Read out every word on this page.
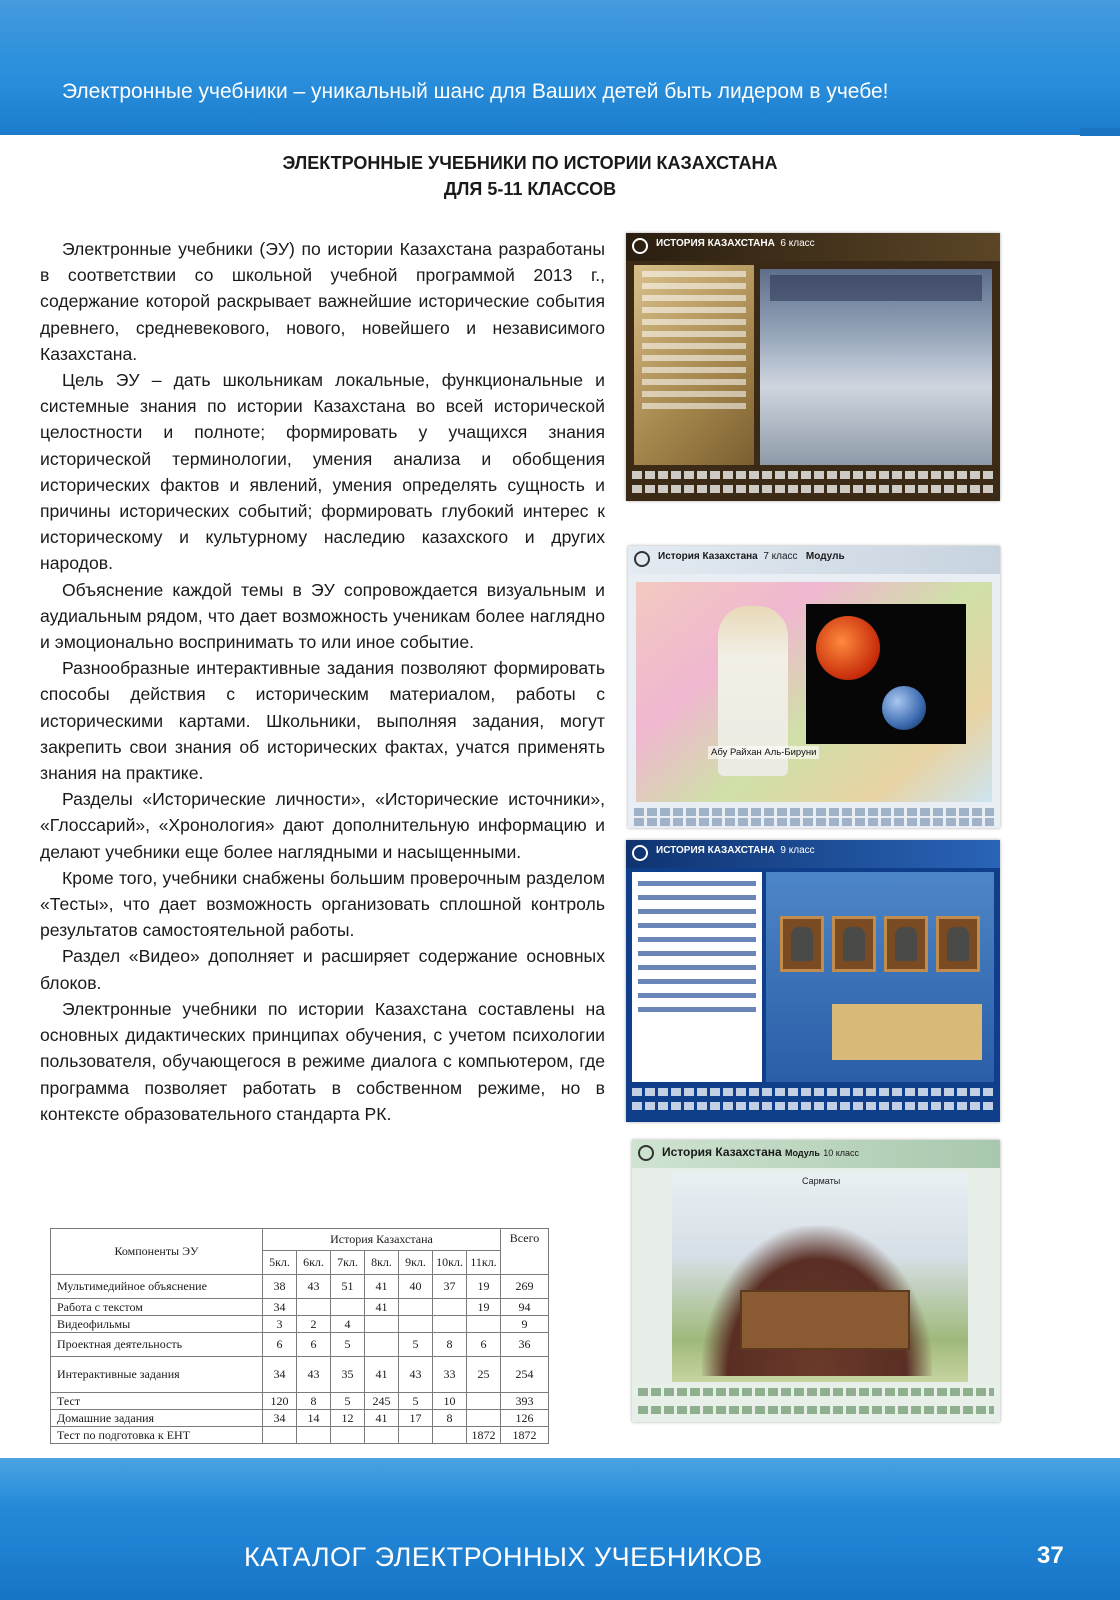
Электронные учебники – уникальный шанс для Ваших детей быть лидером в учебе!
ЭЛЕКТРОННЫЕ УЧЕБНИКИ ПО ИСТОРИИ КАЗАХСТАНА
ДЛЯ 5-11 КЛАССОВ

Электронные учебники (ЭУ) по истории Казахстана разработаны в соответствии со школьной учебной программой 2013 г., содержание которой раскрывает важнейшие исторические события древнего, средневекового, нового, новейшего и независимого Казахстана.

Цель ЭУ – дать школьникам локальные, функциональные и системные знания по истории Казахстана во всей исторической целостности и полноте; формировать у учащихся знания исторической терминологии, умения анализа и обобщения исторических фактов и явлений, умения определять сущность и причины исторических событий; формировать глубокий интерес к историческому и культурному наследию казахского и других народов.

Объяснение каждой темы в ЭУ сопровождается визуальным и аудиальным рядом, что дает возможность ученикам более наглядно и эмоционально воспринимать то или иное событие.

Разнообразные интерактивные задания позволяют формировать способы действия с историческим материалом, работы с историческими картами. Школьники, выполняя задания, могут закрепить свои знания об исторических фактах, учатся применять знания на практике.

Разделы «Исторические личности», «Исторические источники», «Глоссарий», «Хронология» дают дополнительную информацию и делают учебники еще более наглядными и насыщенными.

Кроме того, учебники снабжены большим проверочным разделом «Тесты», что дает возможность организовать сплошной контроль результатов самостоятельной работы.

Раздел «Видео» дополняет и расширяет содержание основных блоков.

Электронные учебники по истории Казахстана составлены на основных дидактических принципах обучения, с учетом психологии пользователя, обучающегося в режиме диалога с компьютером, где программа позволяет работать в собственном режиме, но в контексте образовательного стандарта РК.

ИСТОРИЯ КАЗАХСТАНА 6 класс
История Казахстана 7 класс Модуль
Абу Райхан Аль-Бируни
ИСТОРИЯ КАЗАХСТАНА 9 класс
История Казахстана Модуль 10 класс
Сарматы
Компоненты ЭУ	История Казахстана							Всего
	5кл.	6кл.	7кл.	8кл.	9кл.	10кл.	11кл.	
Мультимедийное объяснение	38	43	51	41	40	37	19	269
Работа с текстом	34			41			19	94
Видеофильмы	3	2	4					9
Проектная деятельность	6	6	5		5	8	6	36
Интерактивные задания	34	43	35	41	43	33	25	254
Тест	120	8	5	245	5	10		393
Домашние задания	34	14	12	41	17	8		126
Тест по подготовка к ЕНТ							1872	1872
КАТАЛОГ ЭЛЕКТРОННЫХ УЧЕБНИКОВ	37
